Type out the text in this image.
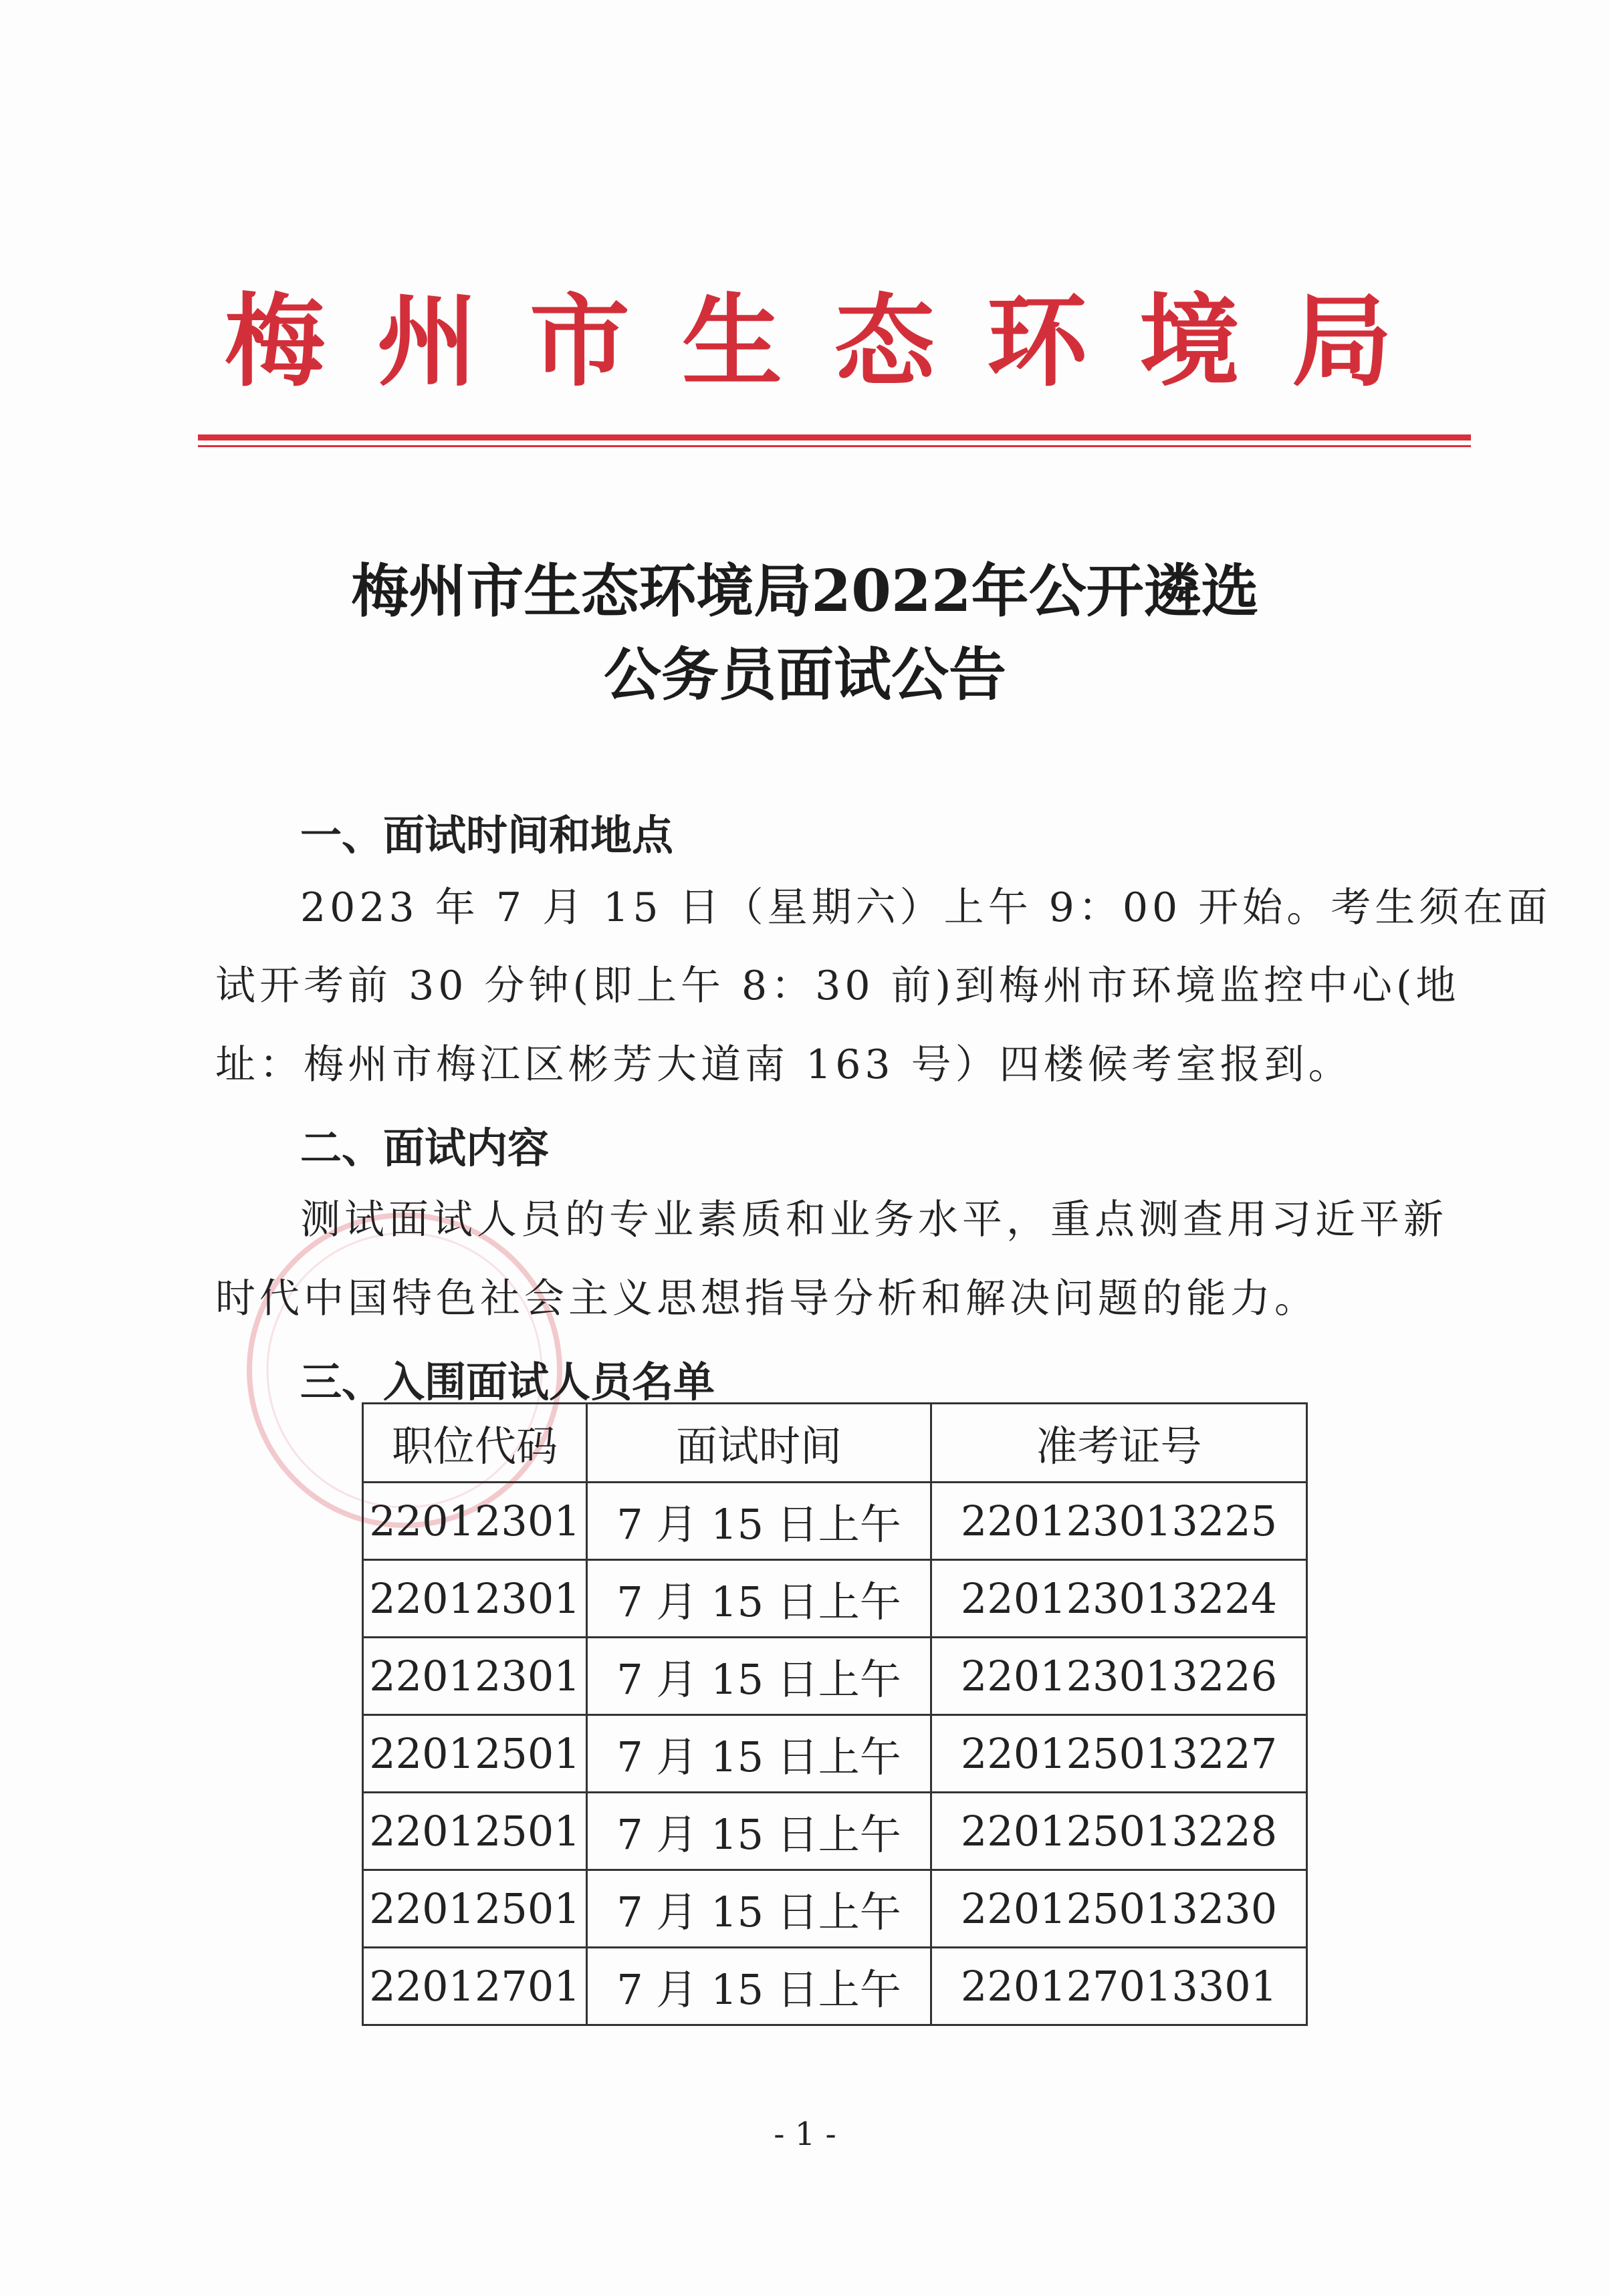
梅州市生态环境局
梅州市生态环境局2022年公开遴选
公务员面试公告
一、面试时间和地点
2023 年 7 月 15 日（星期六）上午 9：00 开始。考生须在面
试开考前 30 分钟(即上午 8：30 前)到梅州市环境监控中心(地
址：梅州市梅江区彬芳大道南 163 号）四楼候考室报到。
二、面试内容
测试面试人员的专业素质和业务水平，重点测查用习近平新
时代中国特色社会主义思想指导分析和解决问题的能力。
三、入围面试人员名单
职位代码	面试时间	准考证号
22012301	7 月 15 日上午	220123013225
22012301	7 月 15 日上午	220123013224
22012301	7 月 15 日上午	220123013226
22012501	7 月 15 日上午	220125013227
22012501	7 月 15 日上午	220125013228
22012501	7 月 15 日上午	220125013230
22012701	7 月 15 日上午	220127013301
- 1 -
